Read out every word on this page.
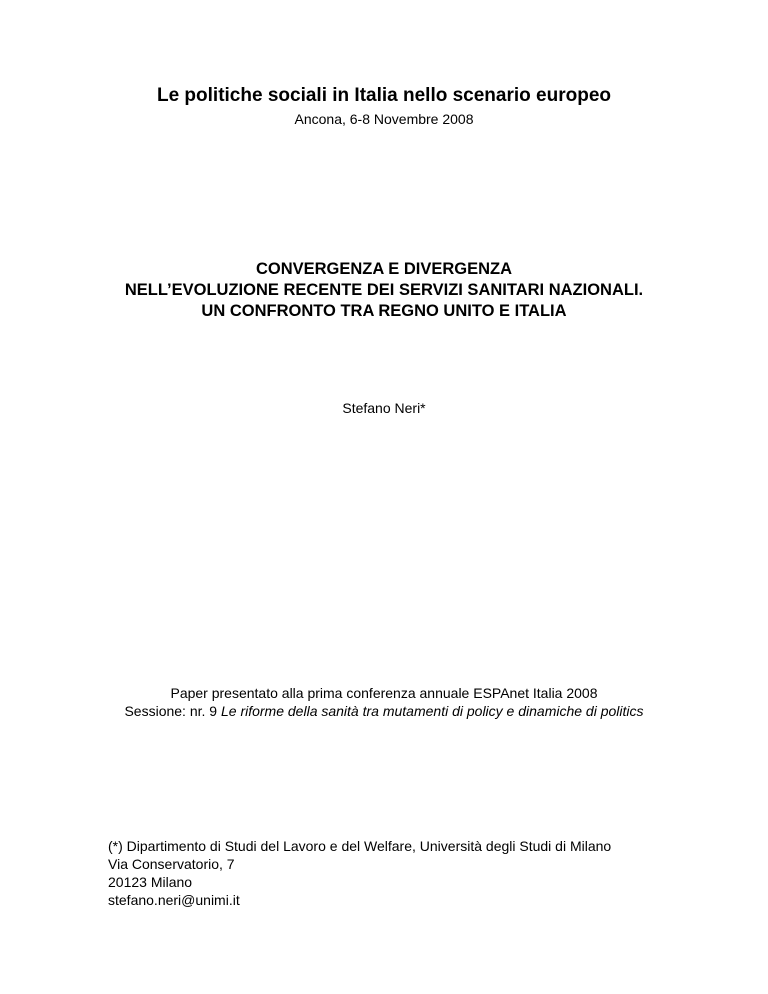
Le politiche sociali in Italia nello scenario europeo
Ancona, 6-8 Novembre 2008
CONVERGENZA E DIVERGENZA
NELL’EVOLUZIONE RECENTE DEI SERVIZI SANITARI NAZIONALI.
UN CONFRONTO TRA REGNO UNITO E ITALIA
Stefano Neri*
Paper presentato alla prima conferenza annuale ESPAnet Italia 2008
Sessione: nr. 9 Le riforme della sanità tra mutamenti di policy e dinamiche di politics
(*) Dipartimento di Studi del Lavoro e del Welfare, Università degli Studi di Milano
Via Conservatorio, 7
20123 Milano
stefano.neri@unimi.it
